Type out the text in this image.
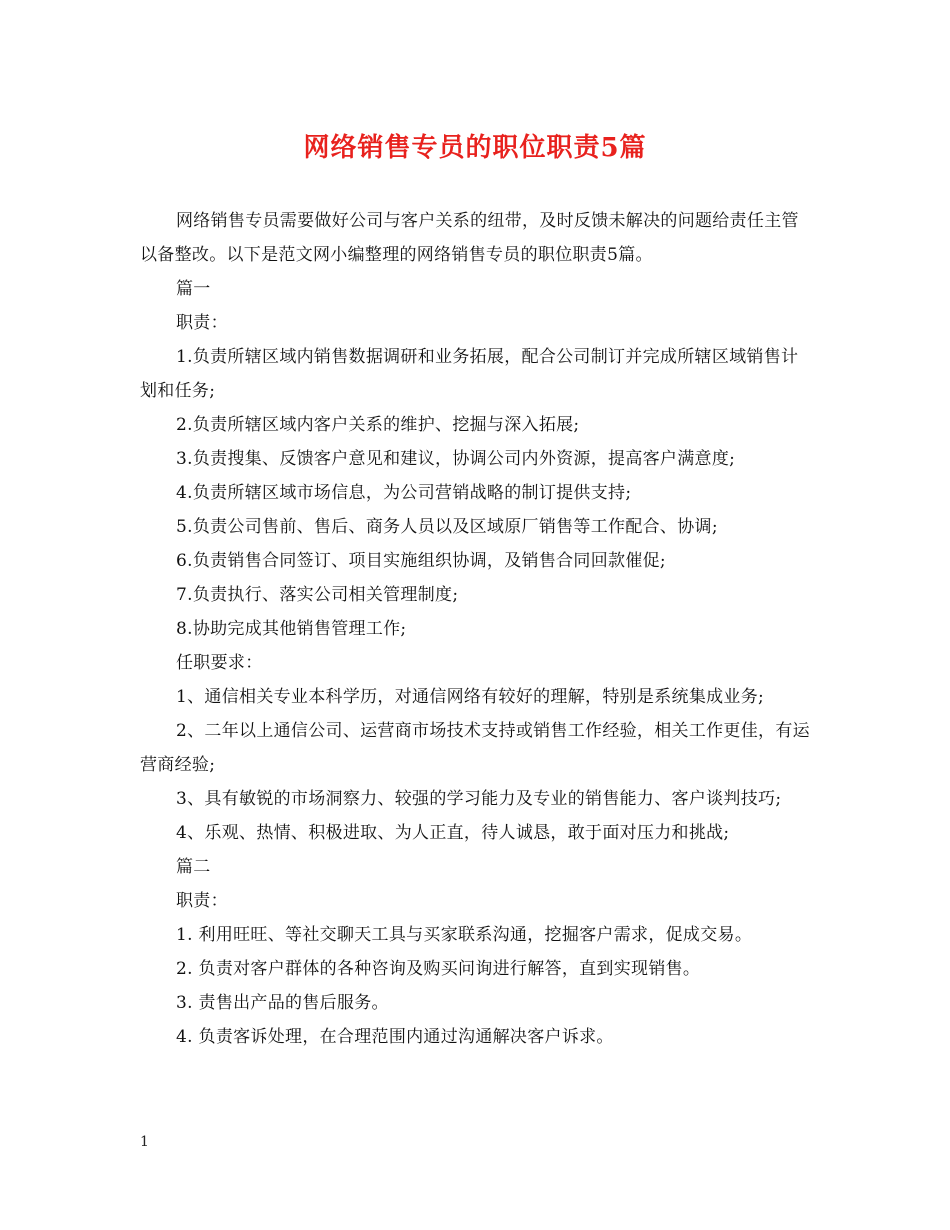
网络销售专员的职位职责5篇

网络销售专员需要做好公司与客户关系的纽带，及时反馈未解决的问题给责任主管以备整改。以下是范文网小编整理的网络销售专员的职位职责5篇。

篇一

职责：

1.负责所辖区域内销售数据调研和业务拓展，配合公司制订并完成所辖区域销售计划和任务;

2.负责所辖区域内客户关系的维护、挖掘与深入拓展;

3.负责搜集、反馈客户意见和建议，协调公司内外资源，提高客户满意度;

4.负责所辖区域市场信息，为公司营销战略的制订提供支持;

5.负责公司售前、售后、商务人员以及区域原厂销售等工作配合、协调;

6.负责销售合同签订、项目实施组织协调，及销售合同回款催促;

7.负责执行、落实公司相关管理制度;

8.协助完成其他销售管理工作;

任职要求：

1、通信相关专业本科学历，对通信网络有较好的理解，特别是系统集成业务;

2、二年以上通信公司、运营商市场技术支持或销售工作经验，相关工作更佳，有运营商经验;

3、具有敏锐的市场洞察力、较强的学习能力及专业的销售能力、客户谈判技巧;

4、乐观、热情、积极进取、为人正直，待人诚恳，敢于面对压力和挑战;

篇二

职责：

1. 利用旺旺、等社交聊天工具与买家联系沟通，挖掘客户需求，促成交易。

2. 负责对客户群体的各种咨询及购买问询进行解答，直到实现销售。

3. 责售出产品的售后服务。

4. 负责客诉处理，在合理范围内通过沟通解决客户诉求。

1
